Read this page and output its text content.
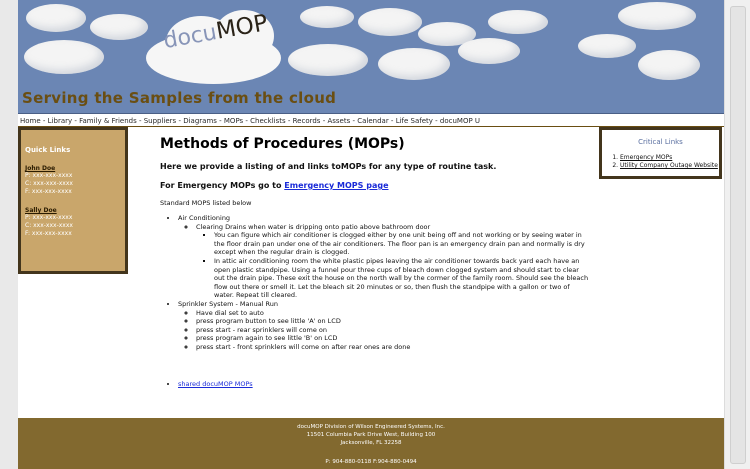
docuMOP
Serving the Samples from the cloud
Home - Library - Family & Friends - Suppliers - Diagrams - MOPs - Checklists - Records - Assets - Calendar - Life Safety - docuMOP U
Quick Links
John Doe
P: xxx-xxx-xxxx
C: xxx-xxx-xxxx
F: xxx-xxx-xxxx
Sally Doe
P: xxx-xxx-xxxx
C: xxx-xxx-xxxx
F: xxx-xxx-xxxx
Critical Links
1. Emergency MOPs
2. Utility Company Outage Website
Methods of Procedures (MOPs)

Here we provide a listing of and links toMOPs for any type of routine task.

For Emergency MOPs go to Emergency MOPS page

Standard MOPS listed below

• Air Conditioning
◦ Clearing Drains when water is dripping onto patio above bathroom door
▪ You can figure which air conditioner is clogged either by one unit being off and not working or by seeing water in the floor drain pan under one of the air conditioners. The floor pan is an emergency drain pan and normally is dry except when the regular drain is clogged.
▪ In attic air conditioning room the white plastic pipes leaving the air conditioner towards back yard each have an open plastic standpipe. Using a funnel pour three cups of bleach down clogged system and should start to clear out the drain pipe. These exit the house on the north wall by the cormer of the family room. Should see the bleach flow out there or smell it. Let the bleach sit 20 minutes or so, then flush the standpipe with a gallon or two of water. Repeat till cleared.
• Sprinkler System - Manual Run
◦ Have dial set to auto
◦ press program button to see little 'A' on LCD
◦ press start - rear sprinklers will come on
◦ press program again to see little 'B' on LCD
◦ press start - front sprinklers will come on after rear ones are done
• shared docuMOP MOPs
docuMOP Division of Wilson Engineered Systems, Inc.
11501 Columbia Park Drive West, Building 100
Jacksonville, FL 32258
P: 904-880-0118 F:904-880-0494
